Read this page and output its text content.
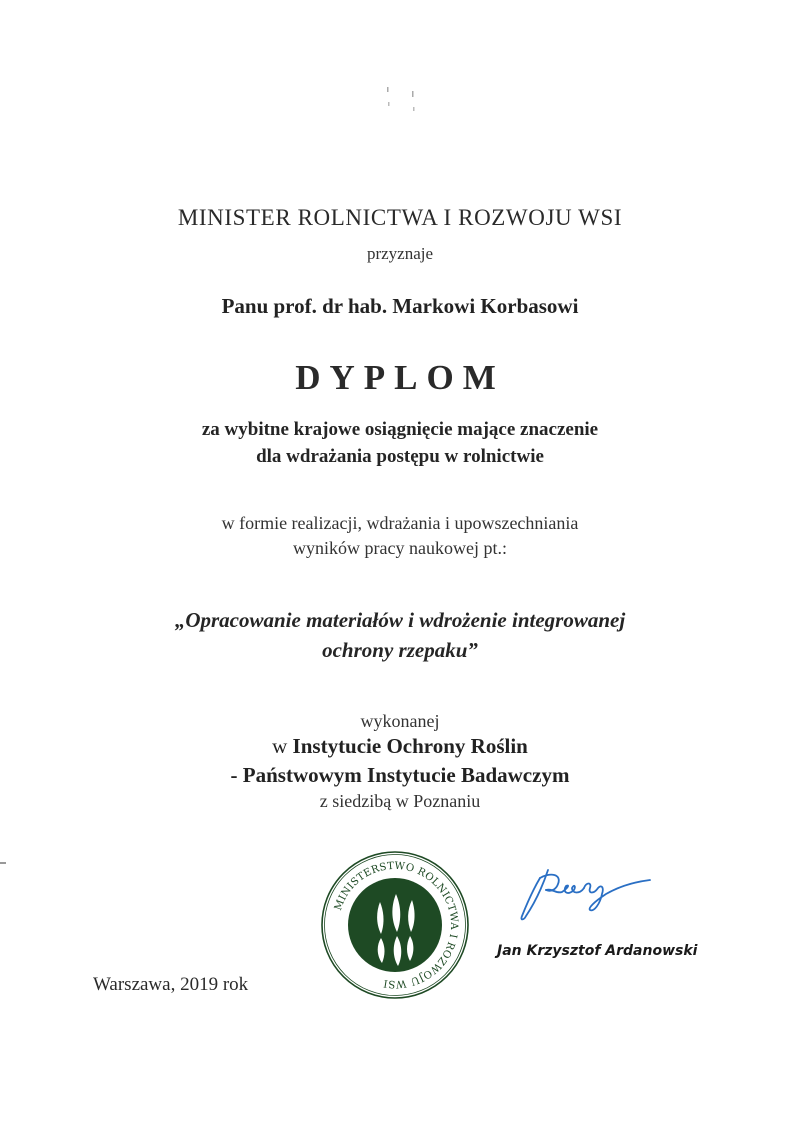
MINISTER ROLNICTWA I ROZWOJU WSI
przyznaje
Panu prof. dr hab. Markowi Korbasowi
DYPLOM
za wybitne krajowe osiągnięcie mające znaczenie
dla wdrażania postępu w rolnictwie
w formie realizacji, wdrażania i upowszechniania
wyników pracy naukowej pt.:
„Opracowanie materiałów i wdrożenie integrowanej
ochrony rzepaku”
wykonanej
w Instytucie Ochrony Roślin
- Państwowym Instytucie Badawczym
z siedzibą w Poznaniu
Warszawa, 2019 rok
MINISTERSTWO ROLNICTWA I ROZWOJU WSI
Jan Krzysztof Ardanowski
